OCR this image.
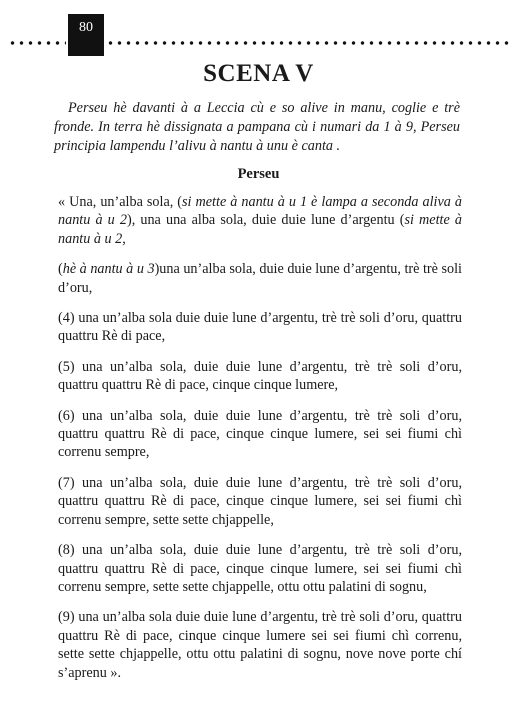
80
SCENA V
Perseu hè davanti à a Leccia cù e so alive in manu, coglie e trè fronde. In terra hè dissignata a pampana cù i numari da 1 à 9, Perseu principia lampendu l’alivu à nantu à unu è canta .
Perseu

« Una, un’alba sola, (si mette à nantu à u 1 è lampa a seconda aliva à nantu à u 2), una una alba sola, duie duie lune d’argentu (si mette à nantu à u 2,

(hè à nantu à u 3)una un’alba sola, duie duie lune d’argentu, trè trè soli d’oru,

(4) una un’alba sola duie duie lune d’argentu, trè trè soli d’oru, quattru quattru Rè di pace,

(5) una un’alba sola, duie duie lune d’argentu, trè trè soli d’oru, quattru quattru Rè di pace, cinque cinque lumere,

(6) una un’alba sola, duie duie lune d’argentu, trè trè soli d’oru, quattru quattru Rè di pace, cinque cinque lumere, sei sei fiumi chì correnu sempre,

(7) una un’alba sola, duie duie lune d’argentu, trè trè soli d’oru, quattru quattru Rè di pace, cinque cinque lumere, sei sei fiumi chì correnu sempre, sette sette chjappelle,

(8) una un’alba sola, duie duie lune d’argentu, trè trè soli d’oru, quattru quattru Rè di pace, cinque cinque lumere, sei sei fiumi chì correnu sempre, sette sette chjappelle, ottu ottu palatini di sognu,

(9) una un’alba sola duie duie lune d’argentu, trè trè soli d’oru, quattru quattru Rè di pace, cinque cinque lumere sei sei fiumi chì correnu, sette sette chjappelle, ottu ottu palatini di sognu, nove nove porte chí s’aprenu ».
